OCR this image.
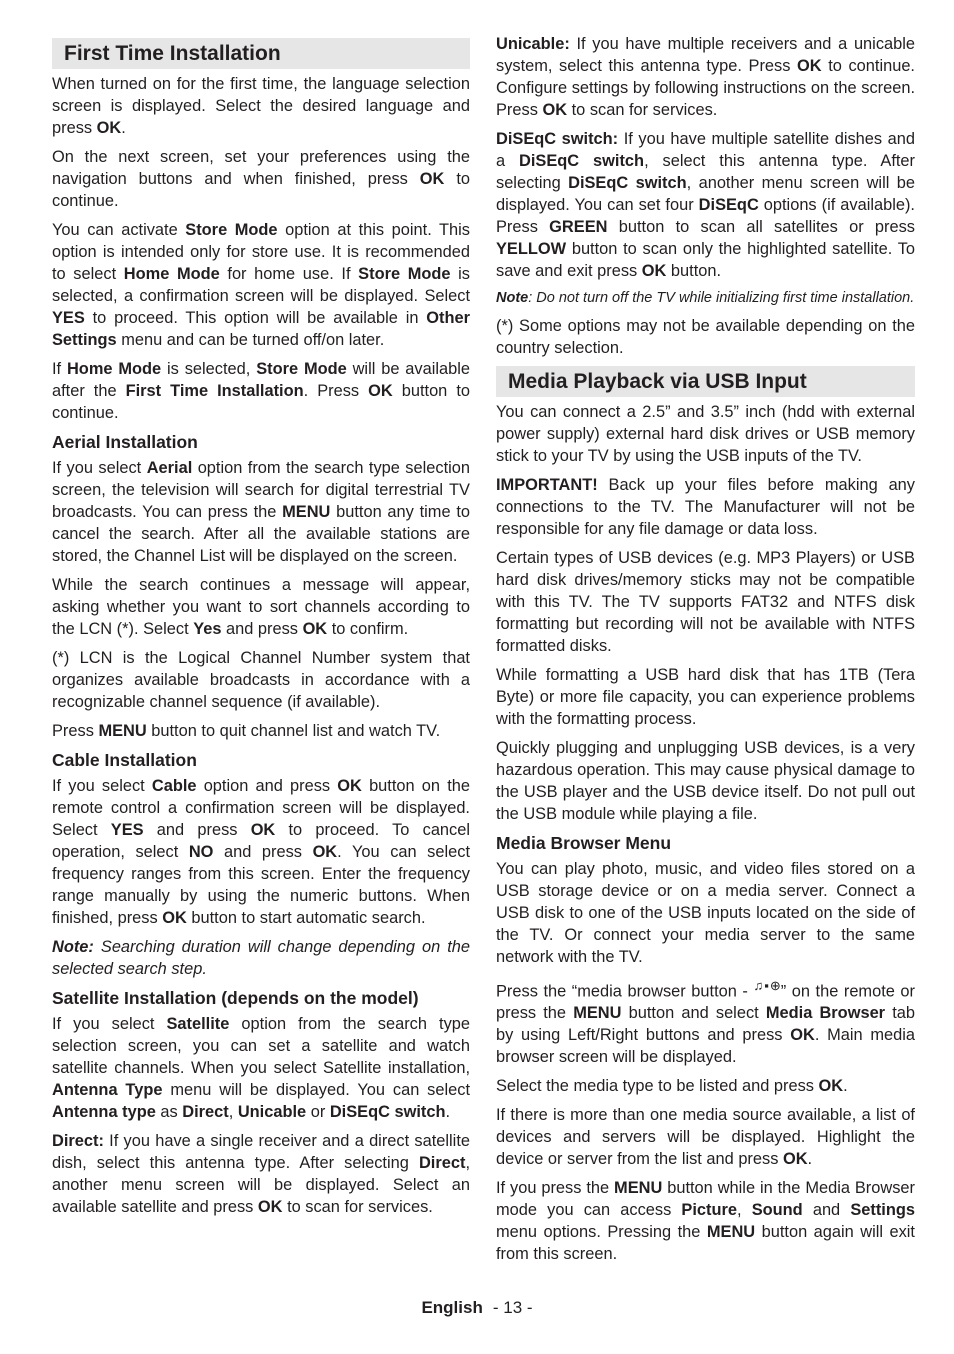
First Time Installation

When turned on for the first time, the language selection screen is displayed. Select the desired language and press OK.

On the next screen, set your preferences using the navigation buttons and when finished, press OK to continue.

You can activate Store Mode option at this point. This option is intended only for store use. It is recommended to select Home Mode for home use. If Store Mode is selected, a confirmation screen will be displayed. Select YES to proceed. This option will be available in Other Settings menu and can be turned off/on later.

If Home Mode is selected, Store Mode will be available after the First Time Installation. Press OK button to continue.

Aerial Installation

If you select Aerial option from the search type selection screen, the television will search for digital terrestrial TV broadcasts. You can press the MENU button any time to cancel the search. After all the available stations are stored, the Channel List will be displayed on the screen.

While the search continues a message will appear, asking whether you want to sort channels according to the LCN (*). Select Yes and press OK to confirm.

(*) LCN is the Logical Channel Number system that organizes available broadcasts in accordance with a recognizable channel sequence (if available).

Press MENU button to quit channel list and watch TV.

Cable Installation

If you select Cable option and press OK button on the remote control a confirmation screen will be displayed. Select YES and press OK to proceed. To cancel operation, select NO and press OK. You can select frequency ranges from this screen. Enter the frequency range manually by using the numeric buttons. When finished, press OK button to start automatic search.

Note: Searching duration will change depending on the selected search step.

Satellite Installation (depends on the model)

If you select Satellite option from the search type selection screen, you can set a satellite and watch satellite channels. When you select Satellite installation, Antenna Type menu will be displayed. You can select Antenna type as Direct, Unicable or DiSEqC switch.

Direct: If you have a single receiver and a direct satellite dish, select this antenna type. After selecting Direct, another menu screen will be displayed. Select an available satellite and press OK to scan for services.

Unicable: If you have multiple receivers and a unicable system, select this antenna type. Press OK to continue. Configure settings by following instructions on the screen. Press OK to scan for services.

DiSEqC switch: If you have multiple satellite dishes and a DiSEqC switch, select this antenna type. After selecting DiSEqC switch, another menu screen will be displayed. You can set four DiSEqC options (if available). Press GREEN button to scan all satellites or press YELLOW button to scan only the highlighted satellite. To save and exit press OK button.

Note: Do not turn off the TV while initializing first time installation.

(*) Some options may not be available depending on the country selection.

Media Playback via USB Input

You can connect a 2.5” and 3.5” inch (hdd with external power supply) external hard disk drives or USB memory stick to your TV by using the USB inputs of the TV.

IMPORTANT! Back up your files before making any connections to the TV. The Manufacturer will not be responsible for any file damage or data loss.

Certain types of USB devices (e.g. MP3 Players) or USB hard disk drives/memory sticks may not be compatible with this TV. The TV supports FAT32 and NTFS disk formatting but recording will not be available with NTFS formatted disks.

While formatting a USB hard disk that has 1TB (Tera Byte) or more file capacity, you can experience problems with the formatting process.

Quickly plugging and unplugging USB devices, is a very hazardous operation. This may cause physical damage to the USB player and the USB device itself. Do not pull out the USB module while playing a file.

Media Browser Menu

You can play photo, music, and video files stored on a USB storage device or on a media server. Connect a USB disk to one of the USB inputs located on the side of the TV. Or connect your media server to the same network with the TV.

Press the “media browser button - ♫▪⊕” on the remote or press the MENU button and select Media Browser tab by using Left/Right buttons and press OK. Main media browser screen will be displayed.

Select the media type to be listed and press OK.

If there is more than one media source available, a list of devices and servers will be displayed. Highlight the device or server from the list and press OK.

If you press the MENU button while in the Media Browser mode you can access Picture, Sound and Settings menu options. Pressing the MENU button again will exit from this screen.

English - 13 -
